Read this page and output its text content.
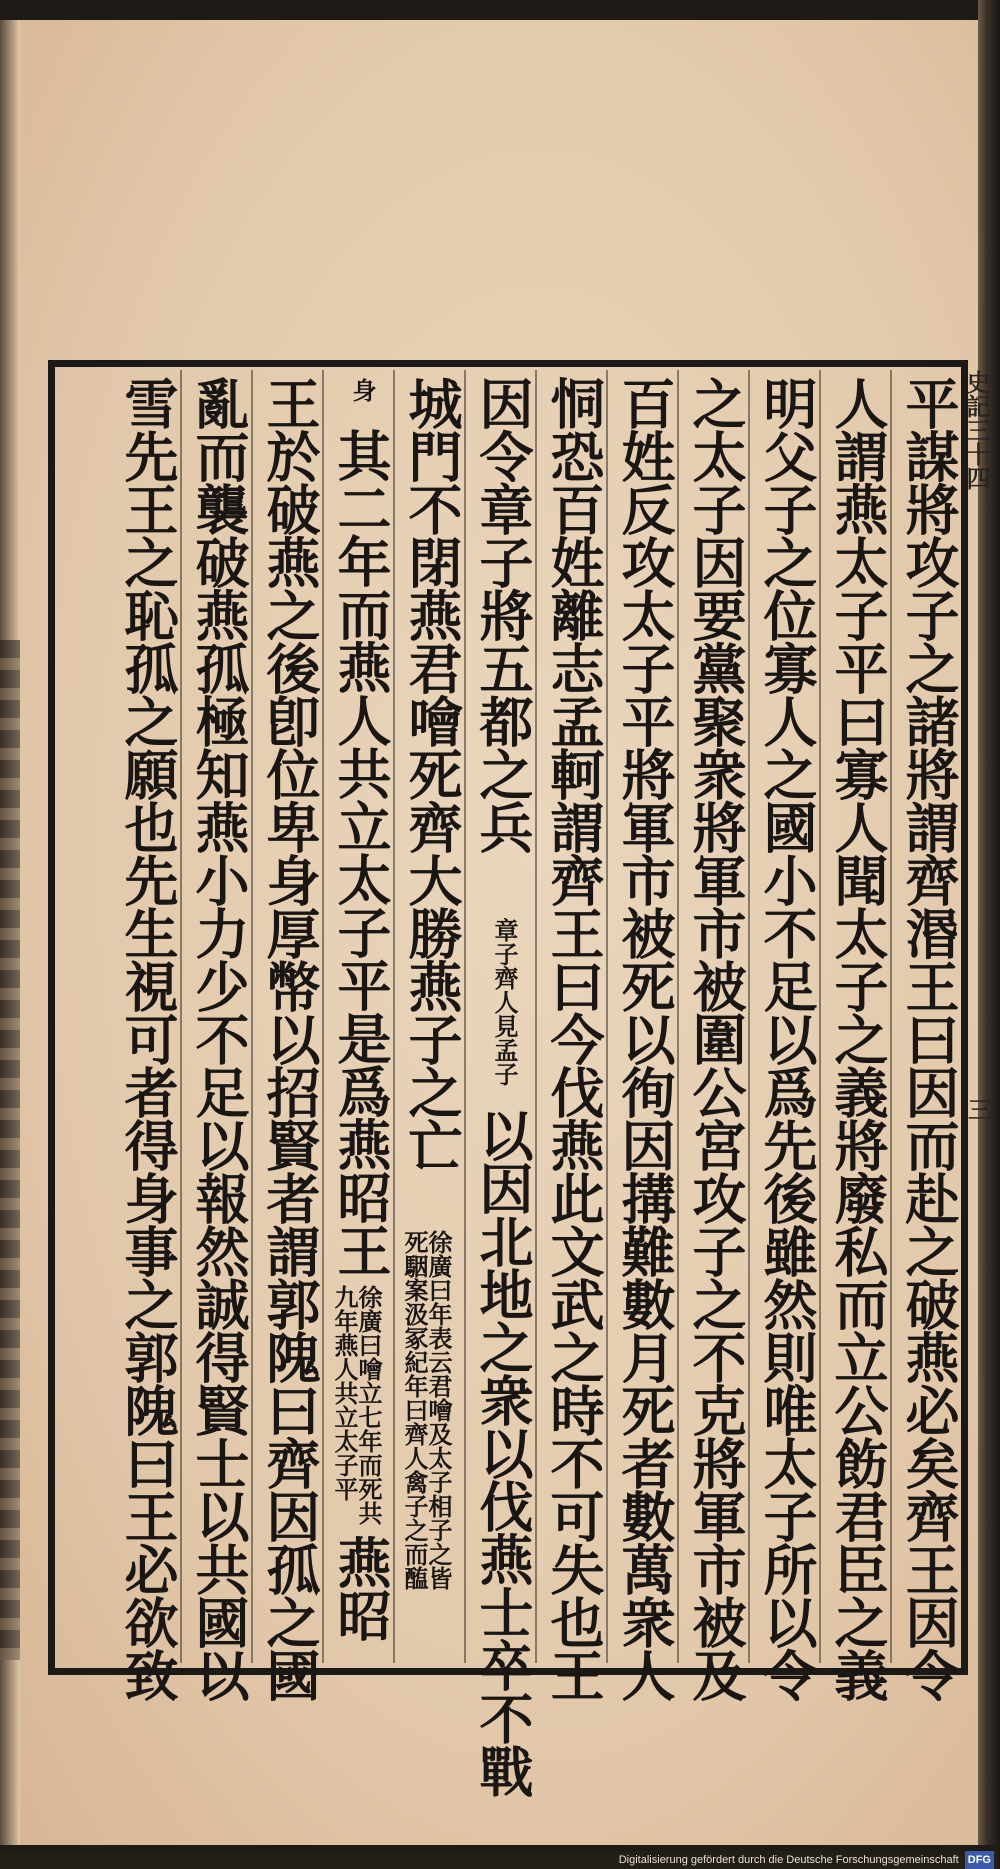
史記三十四
三
平謀將攻子之諸將謂齊湣王曰因而赴之破燕必矣齊王因令
人謂燕太子平曰寡人聞太子之義將廢私而立公飭君臣之義
明父子之位寡人之國小不足以爲先後雖然則唯太子所以令
之太子因要黨聚衆將軍市被圍公宮攻子之不克將軍市被及
百姓反攻太子平將軍市被死以徇因搆難數月死者數萬衆人
恫恐百姓離志孟軻謂齊王曰今伐燕此文武之時不可失也王
因令章子將五都之兵
章子齊人見孟子
以因北地之衆以伐燕士卒不戰
城門不閉燕君噲死齊大勝燕子之亡
徐廣曰年表云君噲及太子相子之皆
死駰案汲冢紀年曰齊人禽子之而醢
身
其二年而燕人共立太子平是爲燕昭王
徐廣曰噲立七年而死共
九年燕人共立太子平
燕昭
王於破燕之後卽位卑身厚幣以招賢者謂郭隗曰齊因孤之國
亂而襲破燕孤極知燕小力少不足以報然誠得賢士以共國以
雪先王之恥孤之願也先生視可者得身事之郭隗曰王必欲致
Digitalisierung gefördert durch die Deutsche Forschungsgemeinschaft DFG
